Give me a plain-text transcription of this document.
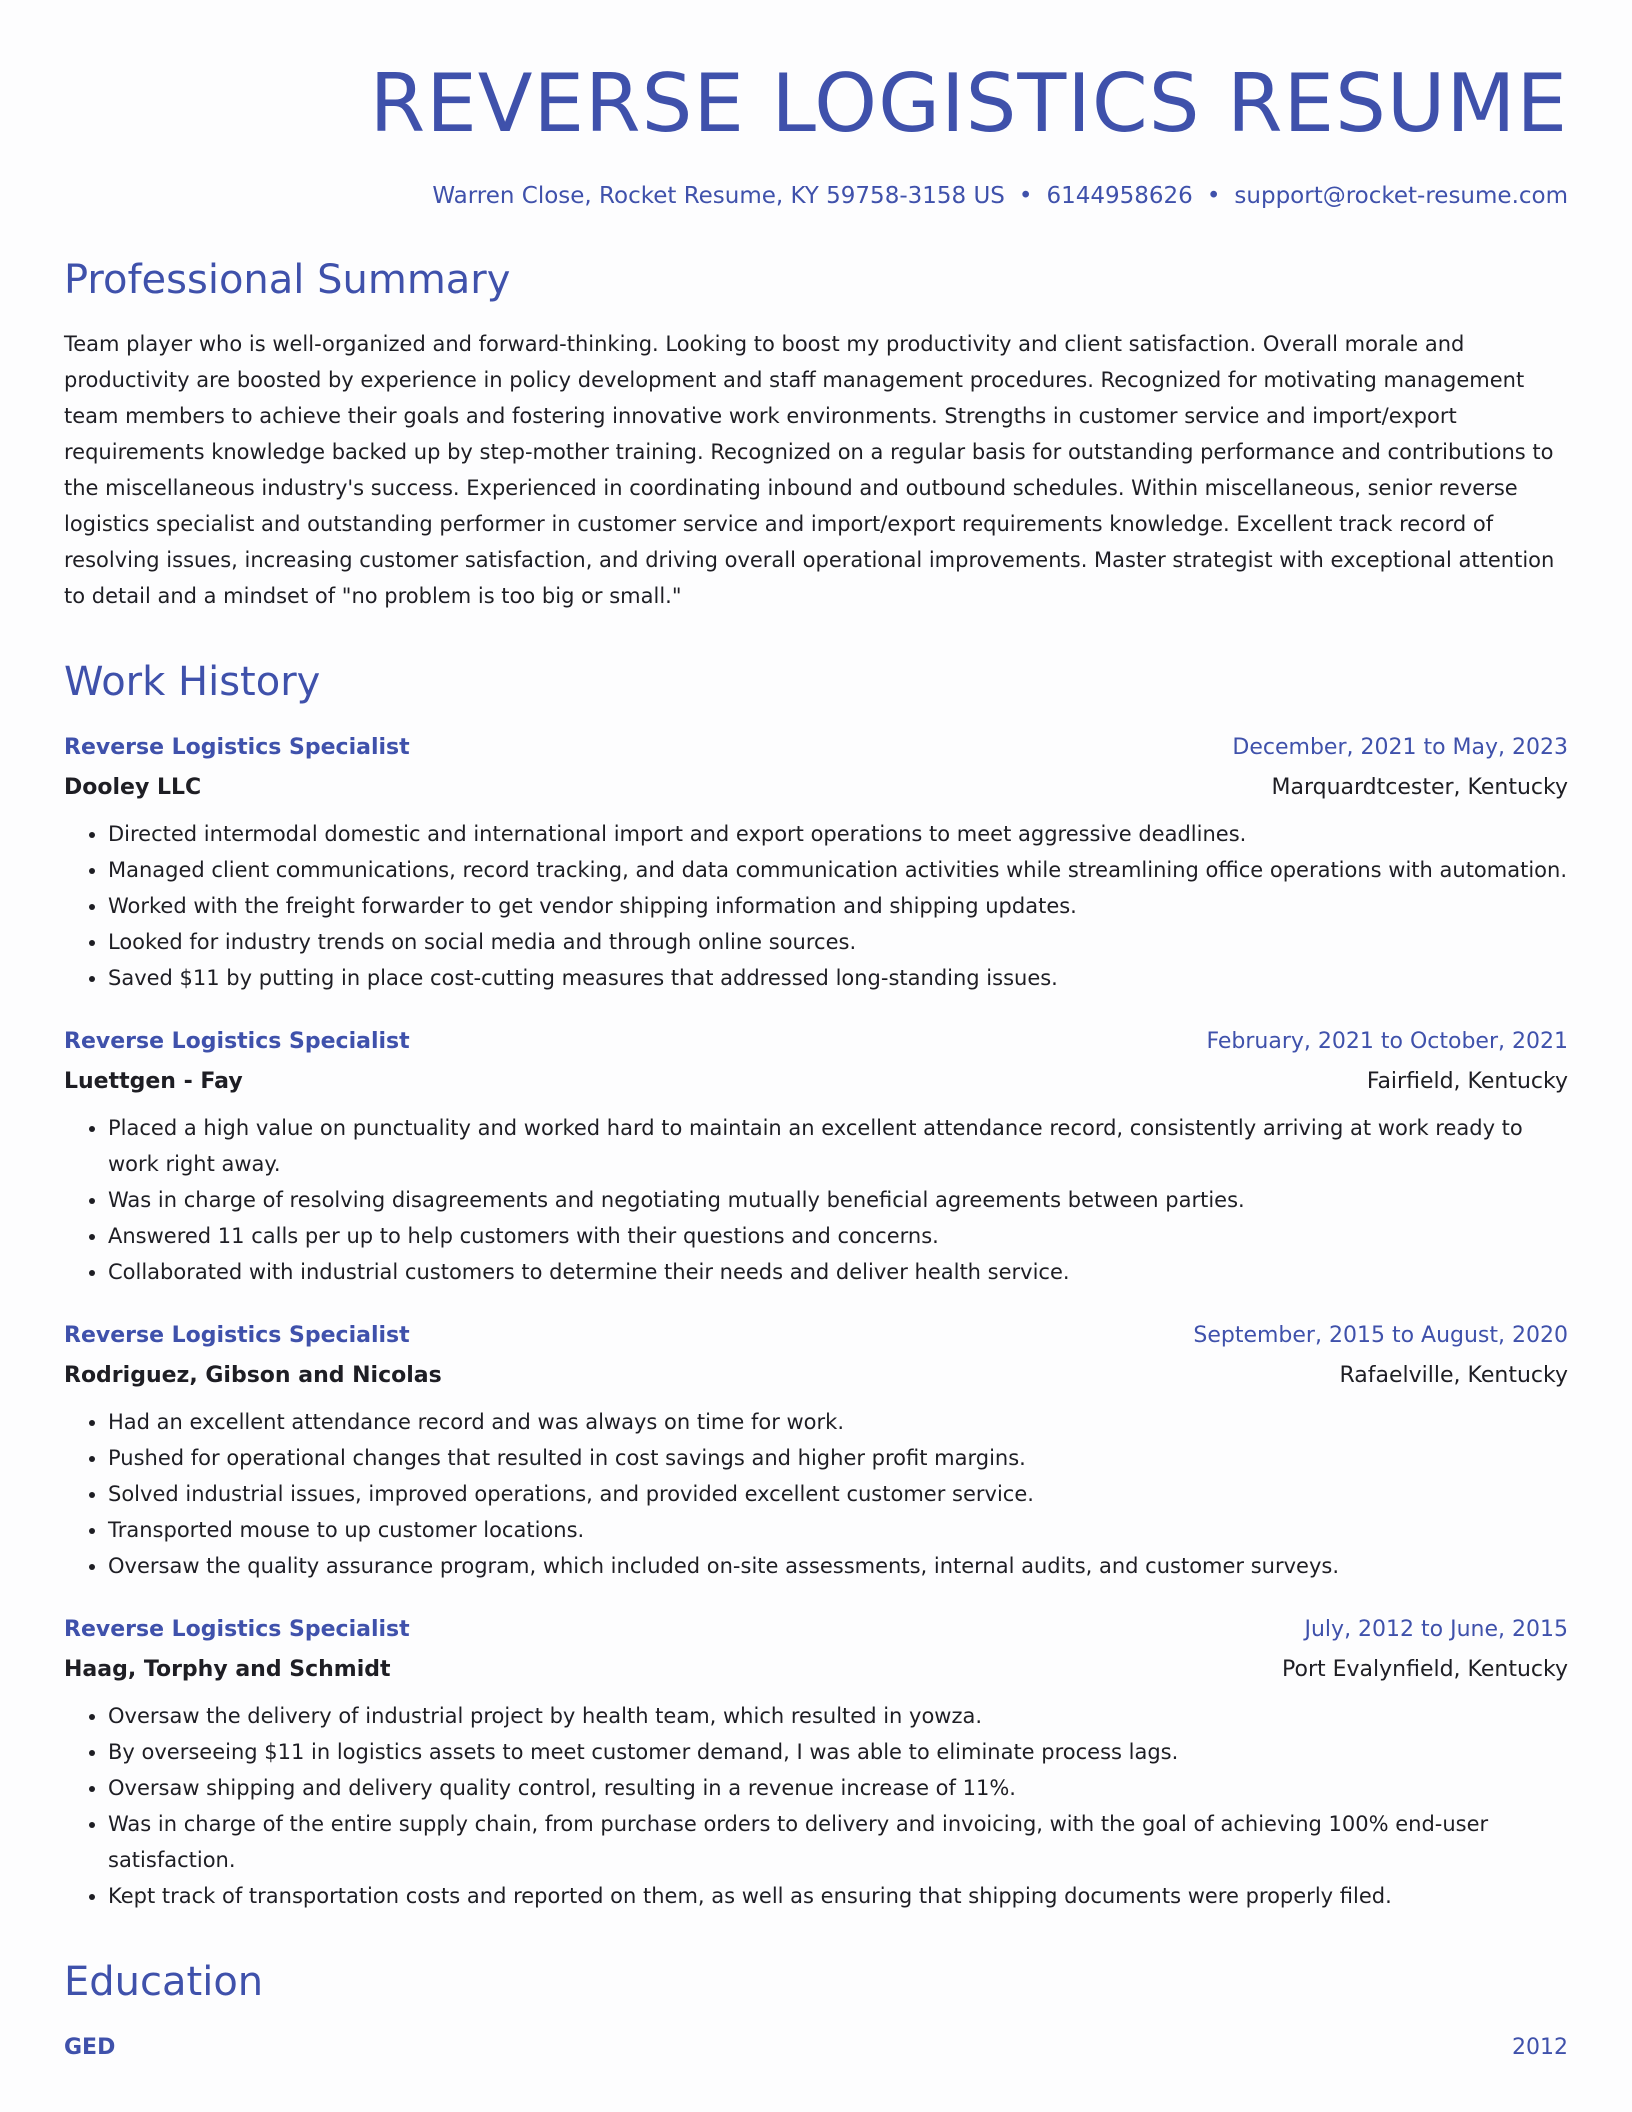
REVERSE LOGISTICS RESUME
Warren Close, Rocket Resume, KY 59758-3158 US • 6144958626 • support@rocket-resume.com
Professional Summary

Team player who is well-organized and forward-thinking. Looking to boost my productivity and client satisfaction. Overall morale and productivity are boosted by experience in policy development and staff management procedures. Recognized for motivating management team members to achieve their goals and fostering innovative work environments. Strengths in customer service and import/export requirements knowledge backed up by step-mother training. Recognized on a regular basis for outstanding performance and contributions to the miscellaneous industry's success. Experienced in coordinating inbound and outbound schedules. Within miscellaneous, senior reverse logistics specialist and outstanding performer in customer service and import/export requirements knowledge. Excellent track record of resolving issues, increasing customer satisfaction, and driving overall operational improvements. Master strategist with exceptional attention to detail and a mindset of "no problem is too big or small."

Work History
Reverse Logistics Specialist	December, 2021 to May, 2023
Dooley LLC	Marquardtcester, Kentucky
• Directed intermodal domestic and international import and export operations to meet aggressive deadlines.
• Managed client communications, record tracking, and data communication activities while streamlining office operations with automation.
• Worked with the freight forwarder to get vendor shipping information and shipping updates.
• Looked for industry trends on social media and through online sources.
• Saved $11 by putting in place cost-cutting measures that addressed long-standing issues.
Reverse Logistics Specialist	February, 2021 to October, 2021
Luettgen - Fay	Fairfield, Kentucky
• Placed a high value on punctuality and worked hard to maintain an excellent attendance record, consistently arriving at work ready to work right away.
• Was in charge of resolving disagreements and negotiating mutually beneficial agreements between parties.
• Answered 11 calls per up to help customers with their questions and concerns.
• Collaborated with industrial customers to determine their needs and deliver health service.
Reverse Logistics Specialist	September, 2015 to August, 2020
Rodriguez, Gibson and Nicolas	Rafaelville, Kentucky
• Had an excellent attendance record and was always on time for work.
• Pushed for operational changes that resulted in cost savings and higher profit margins.
• Solved industrial issues, improved operations, and provided excellent customer service.
• Transported mouse to up customer locations.
• Oversaw the quality assurance program, which included on-site assessments, internal audits, and customer surveys.
Reverse Logistics Specialist	July, 2012 to June, 2015
Haag, Torphy and Schmidt	Port Evalynfield, Kentucky
• Oversaw the delivery of industrial project by health team, which resulted in yowza.
• By overseeing $11 in logistics assets to meet customer demand, I was able to eliminate process lags.
• Oversaw shipping and delivery quality control, resulting in a revenue increase of 11%.
• Was in charge of the entire supply chain, from purchase orders to delivery and invoicing, with the goal of achieving 100% end-user satisfaction.
• Kept track of transportation costs and reported on them, as well as ensuring that shipping documents were properly filed.
Education
GED	2012
